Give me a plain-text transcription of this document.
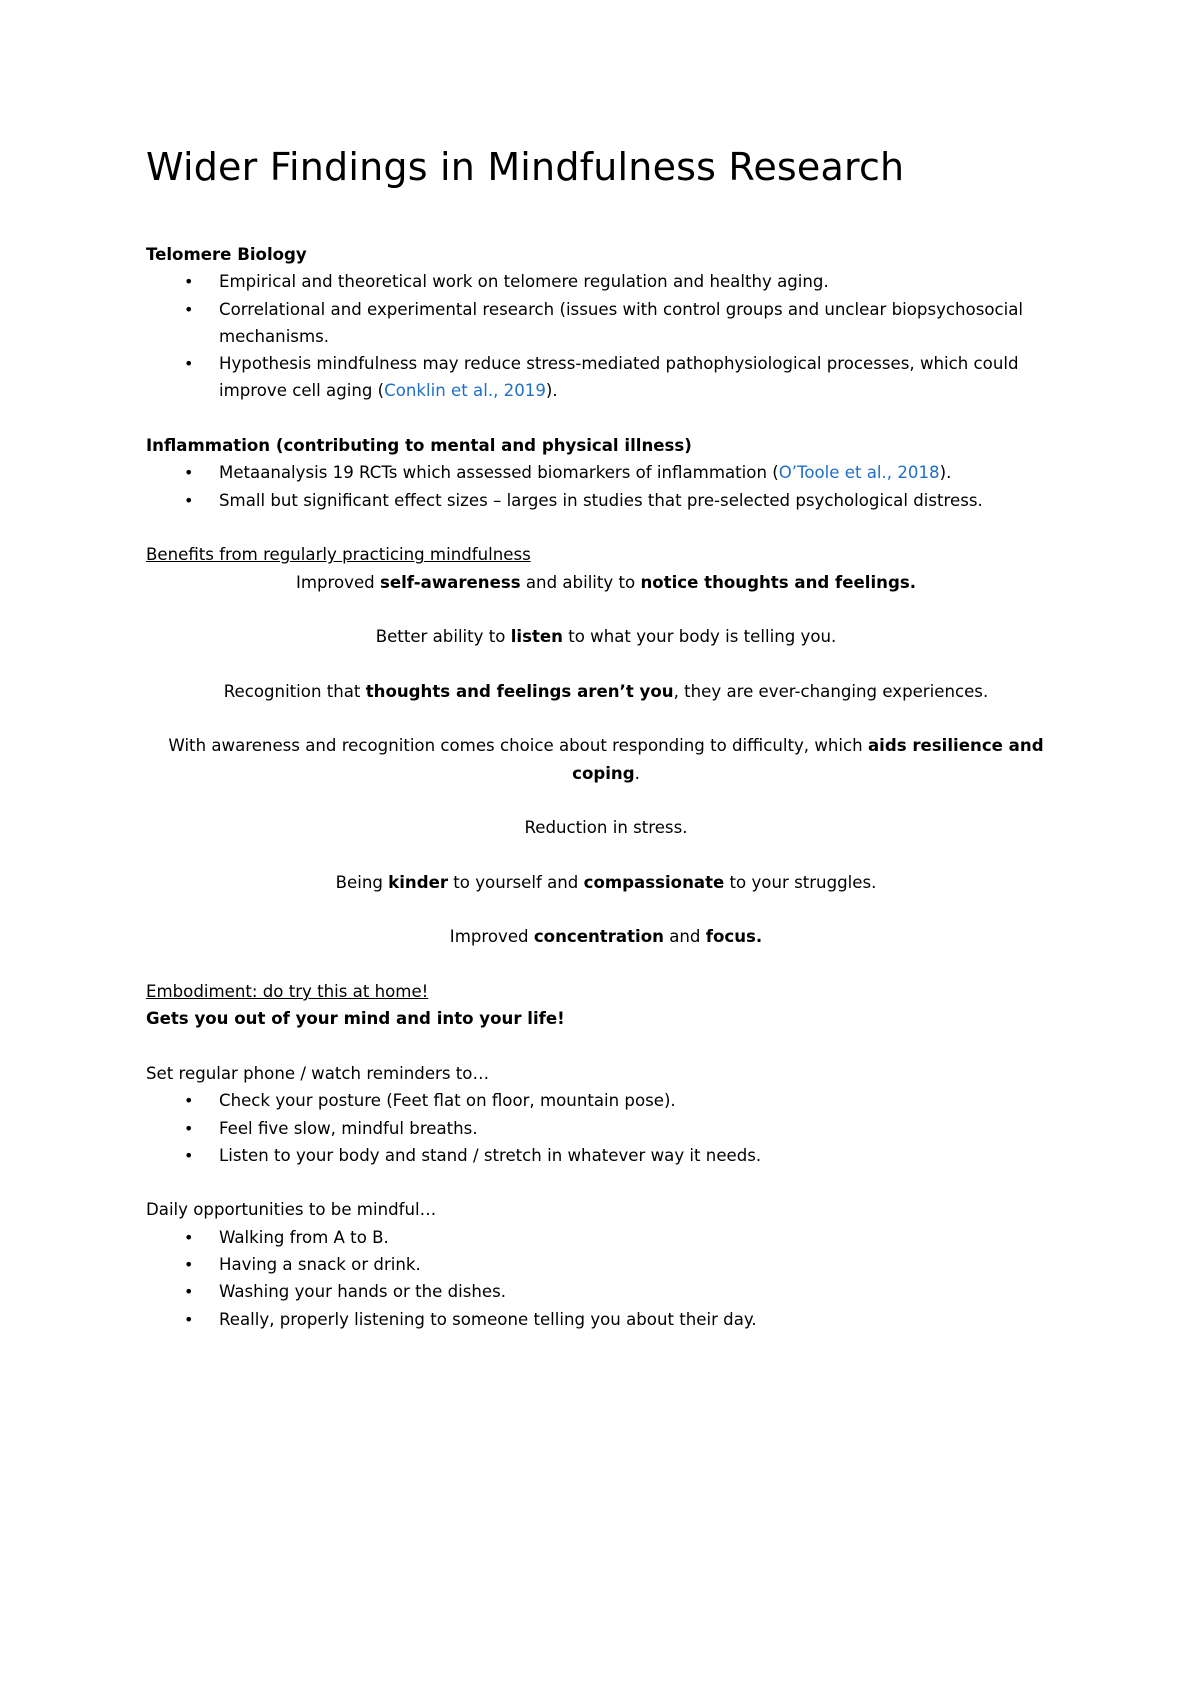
Wider Findings in Mindfulness Research

Telomere Biology

• Empirical and theoretical work on telomere regulation and healthy aging.
• Correlational and experimental research (issues with control groups and unclear biopsychosocial mechanisms.
• Hypothesis mindfulness may reduce stress-mediated pathophysiological processes, which could improve cell aging (Conklin et al., 2019).

Inflammation (contributing to mental and physical illness)

• Metaanalysis 19 RCTs which assessed biomarkers of inflammation (O’Toole et al., 2018).
• Small but significant effect sizes – larges in studies that pre-selected psychological distress.

Benefits from regularly practicing mindfulness

Improved self-awareness and ability to notice thoughts and feelings.

Better ability to listen to what your body is telling you.

Recognition that thoughts and feelings aren’t you, they are ever-changing experiences.

With awareness and recognition comes choice about responding to difficulty, which aids resilience and coping.

Reduction in stress.

Being kinder to yourself and compassionate to your struggles.

Improved concentration and focus.

Embodiment: do try this at home!

Gets you out of your mind and into your life!

Set regular phone / watch reminders to…

• Check your posture (Feet flat on floor, mountain pose).
• Feel five slow, mindful breaths.
• Listen to your body and stand / stretch in whatever way it needs.

Daily opportunities to be mindful…

• Walking from A to B.
• Having a snack or drink.
• Washing your hands or the dishes.
• Really, properly listening to someone telling you about their day.
